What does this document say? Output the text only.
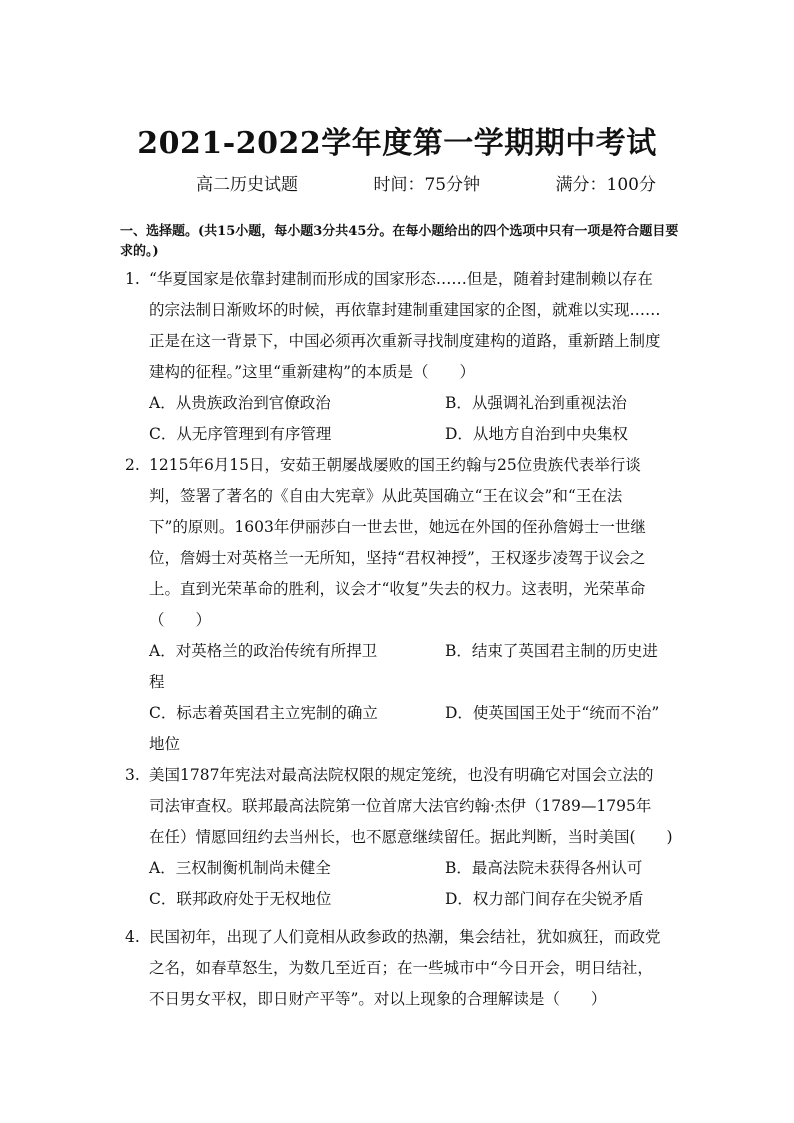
2021-2022学年度第一学期期中考试
高二历史试题	时间：75分钟	满分：100分
一、选择题。(共15小题，每小题3分共45分。在每小题给出的四个选项中只有一项是符合题目要求的。)
1. “华夏国家是依靠封建制而形成的国家形态……但是，随着封建制赖以存在
的宗法制日渐败坏的时候，再依靠封建制重建国家的企图，就难以实现……
正是在这一背景下，中国必须再次重新寻找制度建构的道路，重新踏上制度
建构的征程。”这里“重新建构”的本质是（　　）
A．从贵族政治到官僚政治	B．从强调礼治到重视法治
C．从无序管理到有序管理	D．从地方自治到中央集权
2. 1215年6月15日，安茹王朝屡战屡败的国王约翰与25位贵族代表举行谈
判，签署了著名的《自由大宪章》从此英国确立“王在议会”和“王在法
下”的原则。1603年伊丽莎白一世去世，她远在外国的侄孙詹姆士一世继
位，詹姆士对英格兰一无所知，坚持“君权神授”，王权逐步凌驾于议会之
上。直到光荣革命的胜利，议会才“收复”失去的权力。这表明，光荣革命
（　　）
A．对英格兰的政治传统有所捍卫	B．结束了英国君主制的历史进
程
C．标志着英国君主立宪制的确立	D．使英国国王处于“统而不治”
地位
3. 美国1787年宪法对最高法院权限的规定笼统，也没有明确它对国会立法的
司法审查权。联邦最高法院第一位首席大法官约翰·杰伊（1789—1795年
在任）情愿回纽约去当州长，也不愿意继续留任。据此判断，当时美国(　　)
A．三权制衡机制尚未健全	B．最高法院未获得各州认可
C．联邦政府处于无权地位	D．权力部门间存在尖锐矛盾
4. 民国初年，出现了人们竟相从政参政的热潮，集会结社，犹如疯狂，而政党
之名，如春草怒生，为数几至近百；在一些城市中“今日开会，明日结社，
不日男女平权，即日财产平等”。对以上现象的合理解读是（　　）
